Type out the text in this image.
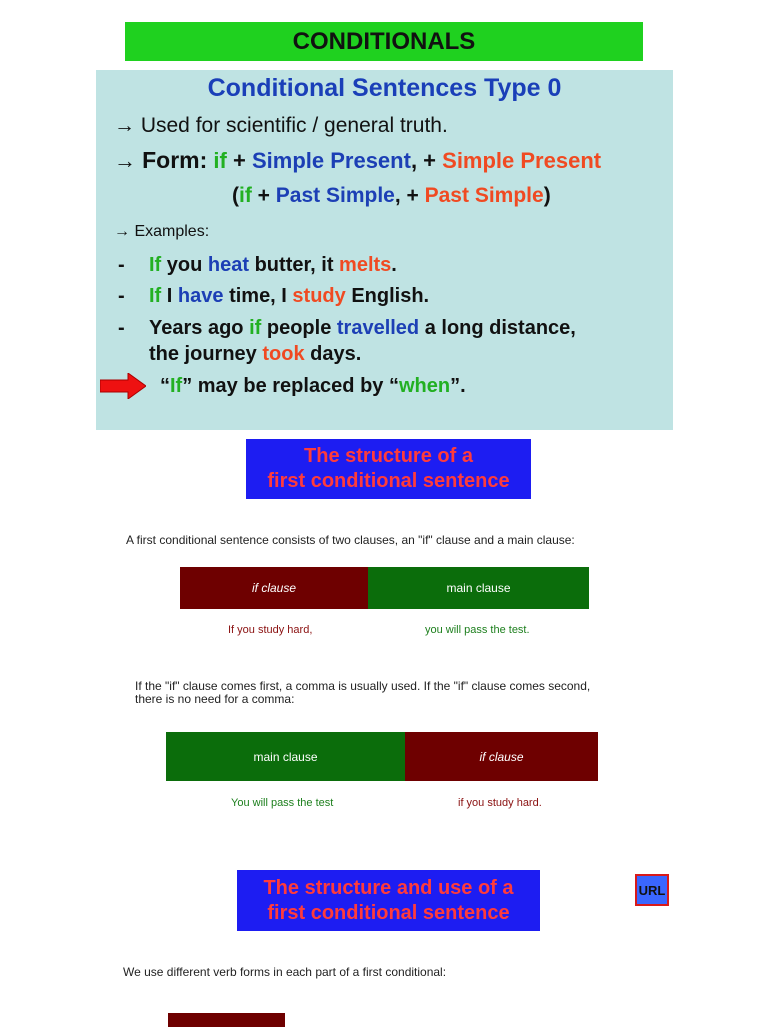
CONDITIONALS
Conditional Sentences Type 0
→ Used for scientific / general truth.
→ Form: if + Simple Present, + Simple Present
(if + Past Simple, + Past Simple)
→ Examples:
- If you heat butter, it melts.
- If I have time, I study English.
- Years ago if people travelled a long distance,
the journey took days.
“If” may be replaced by “when”.
The structure of a
first conditional sentence
A first conditional sentence consists of two clauses, an "if" clause and a main clause:
if clause	main clause
If you study hard,	you will pass the test.
If the "if" clause comes first, a comma is usually used. If the "if" clause comes second,
there is no need for a comma:
main clause	if clause
You will pass the test	if you study hard.
The structure and use of a
first conditional sentence
URL
We use different verb forms in each part of a first conditional:
